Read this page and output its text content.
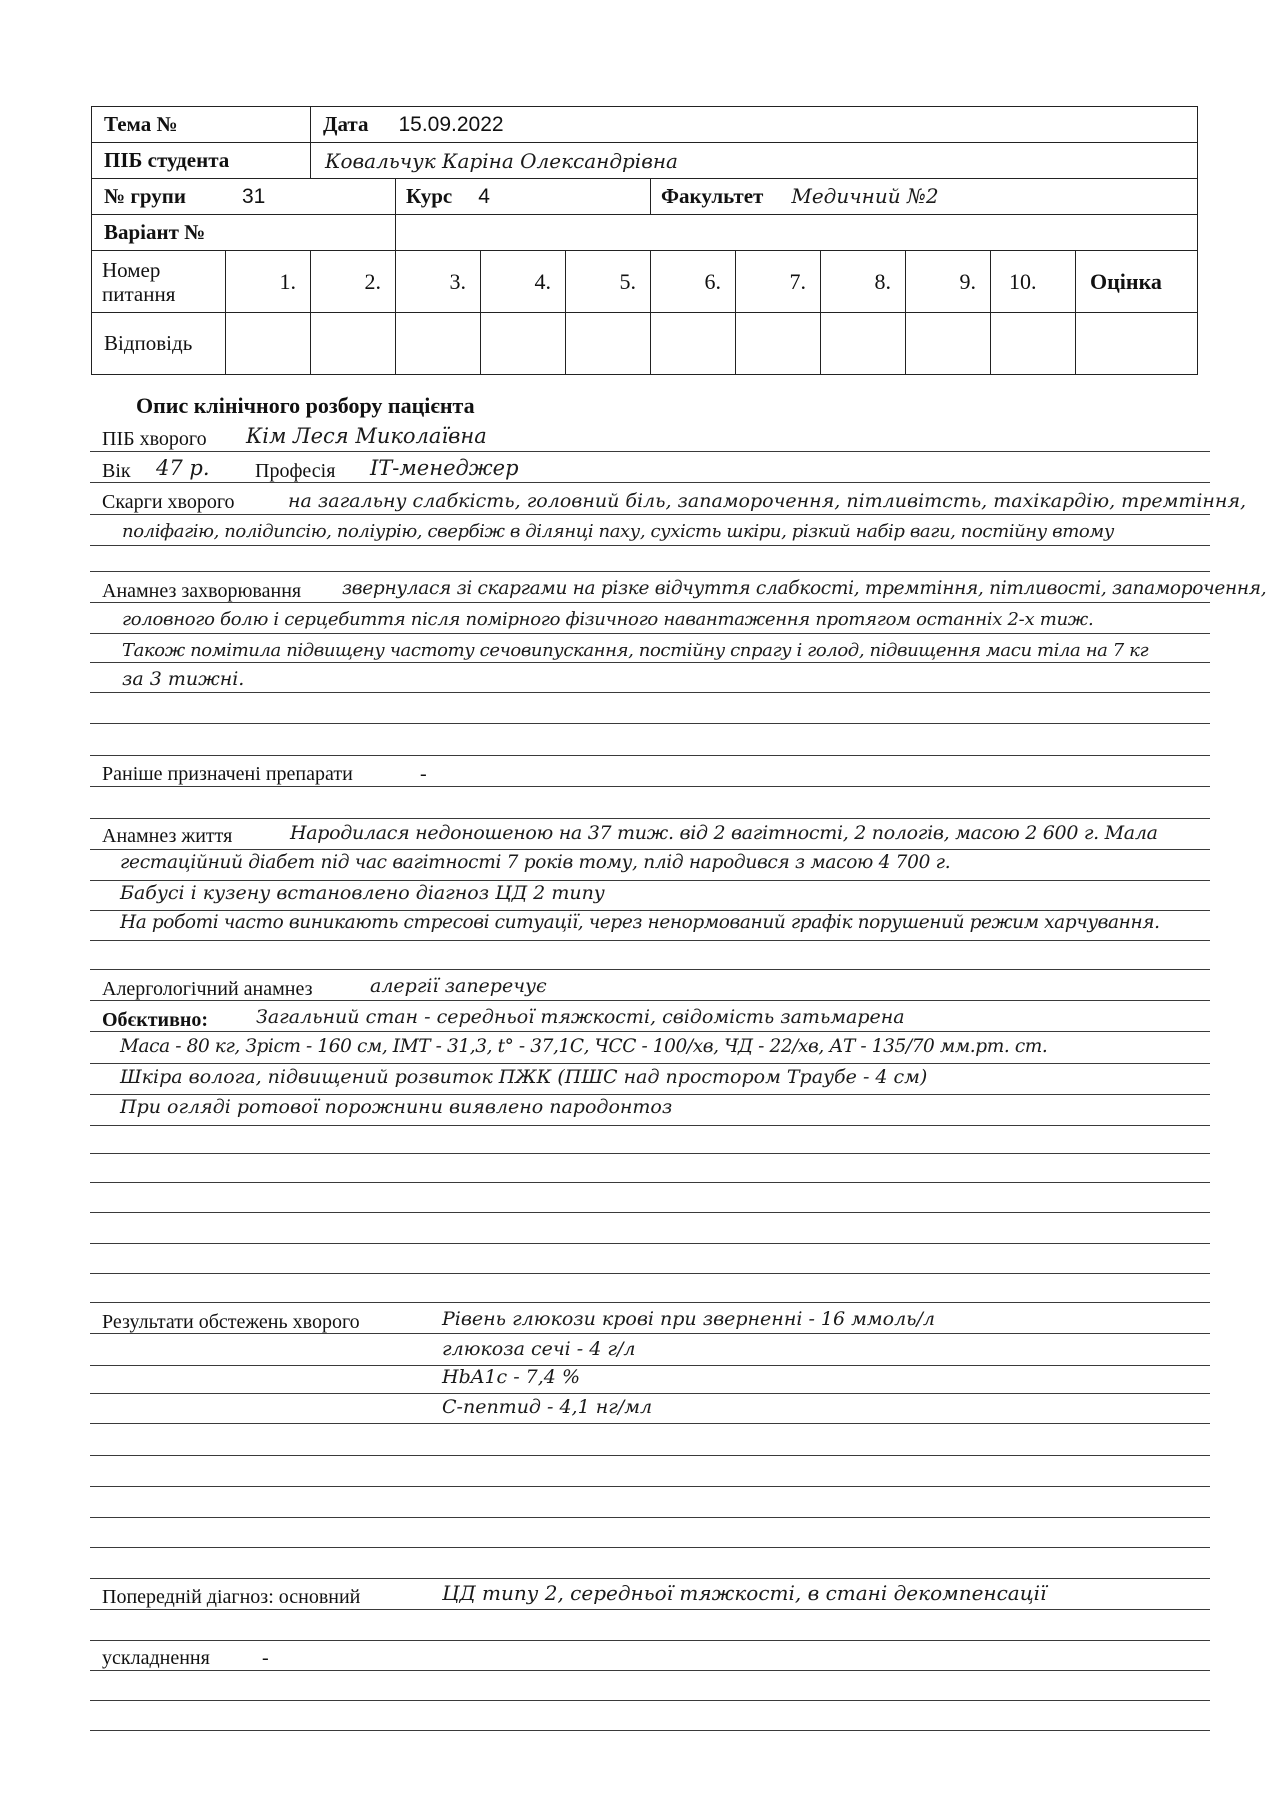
Тема №		Дата 15.09.2022									
ПІБ студента		Ковальчук Каріна Олександрівна									
№ групи 31			Курс 4			Факультет Медичний №2					
Варіант №											
Номер питання	1.	2.	3.	4.	5.	6.	7.	8.	9.	10.	Оцінка
Відповідь											
Опис клінічного розбору пацієнта
ПІБ хворого Кім Леся Миколаївна
Вік 47 р. Професія ІТ-менеджер
Скарги хворого	на загальну слабкість, головний біль, запаморочення, пітливітсть, тахікардію, тремтіння,
поліфагію, полідипсію, поліурію, свербіж в ділянці паху, сухість шкіри, різкий набір ваги, постійну втому
Анамнез захворювання звернулася зі скаргами на різке відчуття слабкості, тремтіння, пітливості, запаморочення,
головного болю і серцебиття після помірного фізичного навантаження протягом останніх 2-х тиж.
Також помітила підвищену частоту сечовипускання, постійну спрагу і голод, підвищення маси тіла на 7 кг
за 3 тижні.
Раніше призначені препарати	-
Анамнез життя	Народилася недоношеною на 37 тиж. від 2 вагітності, 2 пологів, масою 2 600 г. Мала
гестаційний діабет під час вагітності 7 років тому, плід народився з масою 4 700 г.
Бабусі і кузену встановлено діагноз ЦД 2 типу
На роботі часто виникають стресові ситуації, через ненормований графік порушений режим харчування.
Алергологічний анамнез	алергії заперечує
Обєктивно:	Загальний стан - середньої тяжкості, свідомість затьмарена
Маса - 80 кг, Зріст - 160 см, ІМТ - 31,3, t° - 37,1С, ЧСС - 100/хв, ЧД - 22/хв, АТ - 135/70 мм.рт. ст.
Шкіра волога, підвищений розвиток ПЖК (ПШС над простором Траубе - 4 см)
При огляді ротової порожнини виявлено пародонтоз
Результати обстежень хворого	Рівень глюкози крові при зверненні - 16 ммоль/л
глюкоза сечі - 4 г/л
HbA1c - 7,4 %
С-пептид - 4,1 нг/мл
Попередній діагноз: основний	ЦД типу 2, середньої тяжкості, в стані декомпенсації
ускладнення	-
